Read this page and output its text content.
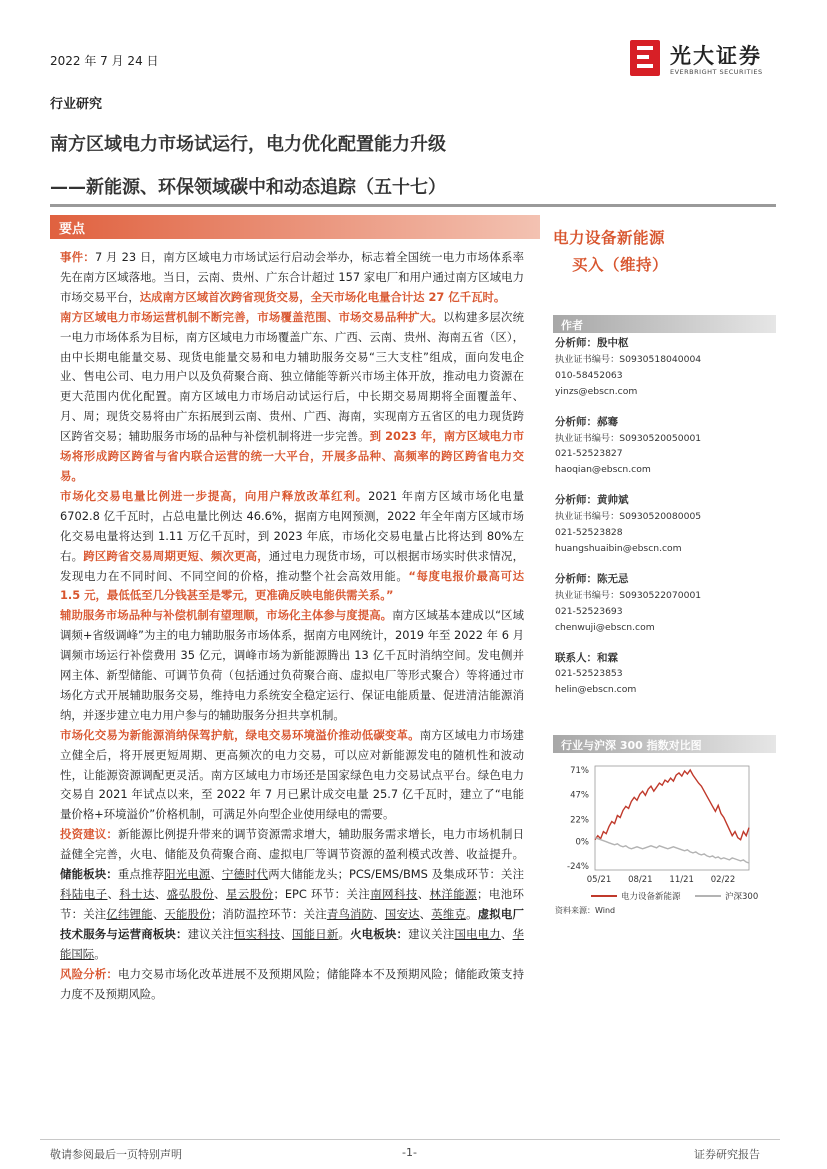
2022 年 7 月 24 日	光大证券
EVERBRIGHT SECURITIES
行业研究
南方区域电力市场试运行，电力优化配置能力升级
——新能源、环保领域碳中和动态追踪（五十七）
要点

事件：7 月 23 日，南方区域电力市场试运行启动会举办，标志着全国统一电力市场体系率先在南方区域落地。当日，云南、贵州、广东合计超过 157 家电厂和用户通过南方区域电力市场交易平台，达成南方区域首次跨省现货交易，全天市场化电量合计达 27 亿千瓦时。

南方区域电力市场运营机制不断完善，市场覆盖范围、市场交易品种扩大。以构建多层次统一电力市场体系为目标，南方区域电力市场覆盖广东、广西、云南、贵州、海南五省（区），由中长期电能量交易、现货电能量交易和电力辅助服务交易“三大支柱”组成，面向发电企业、售电公司、电力用户以及负荷聚合商、独立储能等新兴市场主体开放，推动电力资源在更大范围内优化配置。南方区域电力市场启动试运行后，中长期交易周期将全面覆盖年、月、周；现货交易将由广东拓展到云南、贵州、广西、海南，实现南方五省区的电力现货跨区跨省交易；辅助服务市场的品种与补偿机制将进一步完善。到 2023 年，南方区域电力市场将形成跨区跨省与省内联合运营的统一大平台，开展多品种、高频率的跨区跨省电力交易。

市场化交易电量比例进一步提高，向用户释放改革红利。2021 年南方区域市场化电量 6702.8 亿千瓦时，占总电量比例达 46.6%，据南方电网预测，2022 年全年南方区域市场化交易电量将达到 1.11 万亿千瓦时，到 2023 年底，市场化交易电量占比将达到 80%左右。跨区跨省交易周期更短、频次更高，通过电力现货市场，可以根据市场实时供求情况，发现电力在不同时间、不同空间的价格，推动整个社会高效用能。“每度电报价最高可达 1.5 元，最低低至几分钱甚至是零元，更准确反映电能供需关系。”

辅助服务市场品种与补偿机制有望理顺，市场化主体参与度提高。南方区域基本建成以“区域调频+省级调峰”为主的电力辅助服务市场体系，据南方电网统计，2019 年至 2022 年 6 月调频市场运行补偿费用 35 亿元，调峰市场为新能源腾出 13 亿千瓦时消纳空间。发电侧并网主体、新型储能、可调节负荷（包括通过负荷聚合商、虚拟电厂等形式聚合）等将通过市场化方式开展辅助服务交易，维持电力系统安全稳定运行、保证电能质量、促进清洁能源消纳，并逐步建立电力用户参与的辅助服务分担共享机制。

市场化交易为新能源消纳保驾护航，绿电交易环境溢价推动低碳变革。南方区域电力市场建立健全后，将开展更短周期、更高频次的电力交易，可以应对新能源发电的随机性和波动性，让能源资源调配更灵活。南方区域电力市场还是国家绿色电力交易试点平台。绿色电力交易自 2021 年试点以来，至 2022 年 7 月已累计成交电量 25.7 亿千瓦时，建立了“电能量价格+环境溢价”价格机制，可满足外向型企业使用绿电的需要。

投资建议：新能源比例提升带来的调节资源需求增大，辅助服务需求增长，电力市场机制日益健全完善，火电、储能及负荷聚合商、虚拟电厂等调节资源的盈利模式改善、收益提升。储能板块：重点推荐阳光电源、宁德时代两大储能龙头；PCS/EMS/BMS 及集成环节：关注科陆电子、科士达、盛弘股份、星云股份；EPC 环节：关注南网科技、林洋能源；电池环节：关注亿纬锂能、天能股份；消防温控环节：关注青鸟消防、国安达、英维克。虚拟电厂技术服务与运营商板块：建议关注恒实科技、国能日新。火电板块：建议关注国电电力、华能国际。

风险分析：电力交易市场化改革进展不及预期风险；储能降本不及预期风险；储能政策支持力度不及预期风险。

电力设备新能源
买入（维持）
作者
分析师：殷中枢
执业证书编号：S0930518040004
010-58452063
yinzs@ebscn.com
分析师：郝骞
执业证书编号：S0930520050001
021-52523827
haoqian@ebscn.com
分析师：黄帅斌
执业证书编号：S0930520080005
021-52523828
huangshuaibin@ebscn.com
分析师：陈无忌
执业证书编号：S0930522070001
021-52523693
chenwuji@ebscn.com
联系人：和霖
021-52523853
helin@ebscn.com
行业与沪深 300 指数对比图
71%
47%
22%
0%
-24%
05/21 08/21 11/21 02/22
电力设备新能源	沪深300
资料来源：Wind
敬请参阅最后一页特别声明	-1-	证券研究报告
